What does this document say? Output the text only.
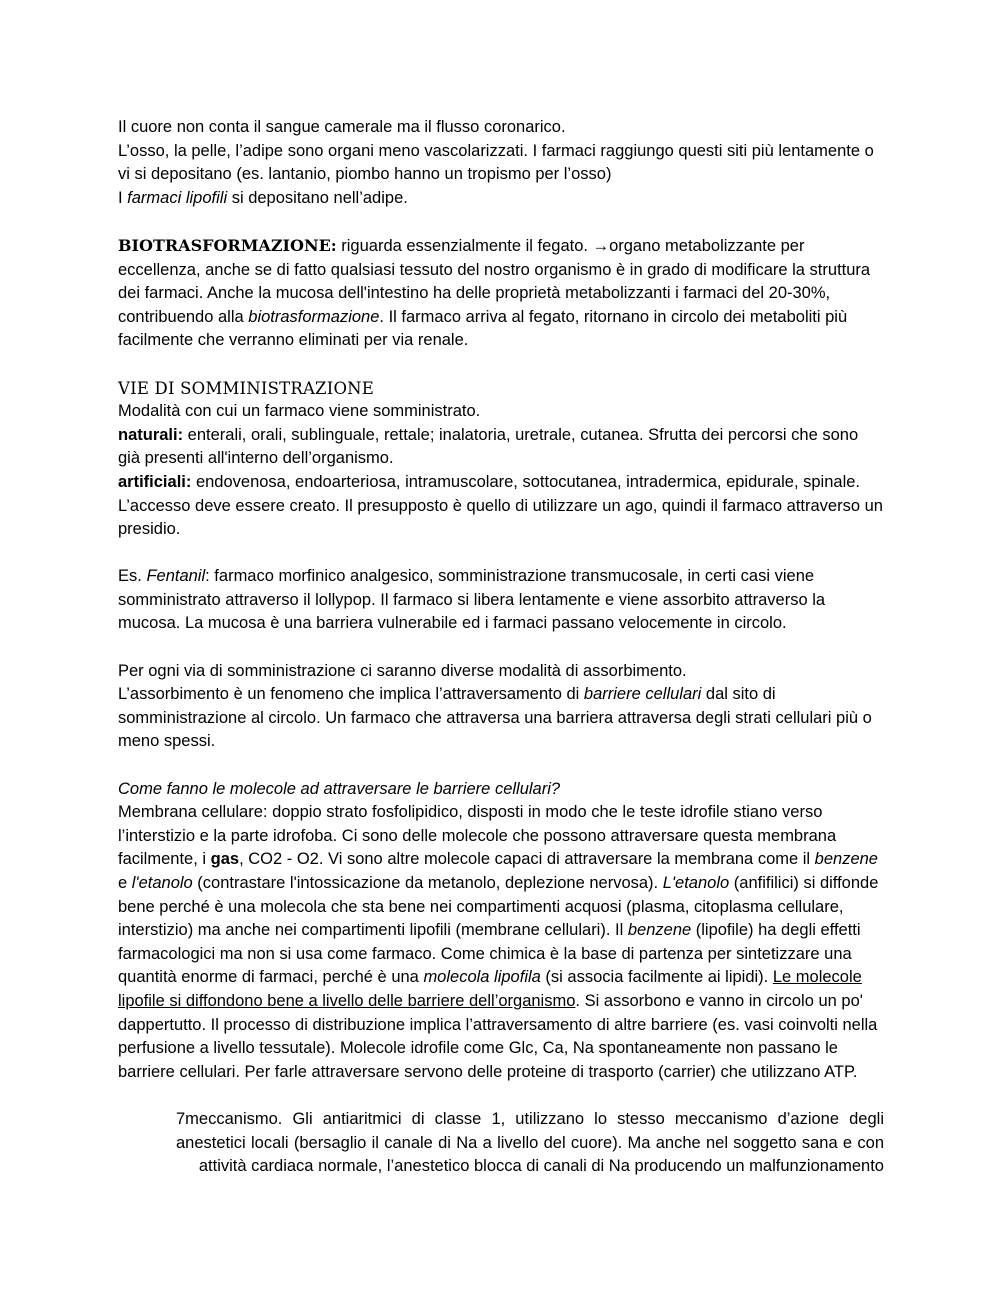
Il cuore non conta il sangue camerale ma il flusso coronarico.

L’osso, la pelle, l’adipe sono organi meno vascolarizzati. I farmaci raggiungo questi siti più lentamente o vi si depositano (es. lantanio, piombo hanno un tropismo per l’osso)

I farmaci lipofili si depositano nell’adipe.

BIOTRASFORMAZIONE: riguarda essenzialmente il fegato. →organo metabolizzante per eccellenza, anche se di fatto qualsiasi tessuto del nostro organismo è in grado di modificare la struttura dei farmaci. Anche la mucosa dell'intestino ha delle proprietà metabolizzanti i farmaci del 20-30%, contribuendo alla biotrasformazione. Il farmaco arriva al fegato, ritornano in circolo dei metaboliti più facilmente che verranno eliminati per via renale.

VIE DI SOMMINISTRAZIONE

Modalità con cui un farmaco viene somministrato.

naturali: enterali, orali, sublinguale, rettale; inalatoria, uretrale, cutanea. Sfrutta dei percorsi che sono già presenti all'interno dell’organismo.

artificiali: endovenosa, endoarteriosa, intramuscolare, sottocutanea, intradermica, epidurale, spinale. L’accesso deve essere creato. Il presupposto è quello di utilizzare un ago, quindi il farmaco attraverso un presidio.

Es. Fentanil: farmaco morfinico analgesico, somministrazione transmucosale, in certi casi viene somministrato attraverso il lollypop. Il farmaco si libera lentamente e viene assorbito attraverso la mucosa. La mucosa è una barriera vulnerabile ed i farmaci passano velocemente in circolo.

Per ogni via di somministrazione ci saranno diverse modalità di assorbimento.

L’assorbimento è un fenomeno che implica l’attraversamento di barriere cellulari dal sito di somministrazione al circolo. Un farmaco che attraversa una barriera attraversa degli strati cellulari più o meno spessi.

Come fanno le molecole ad attraversare le barriere cellulari?

Membrana cellulare: doppio strato fosfolipidico, disposti in modo che le teste idrofile stiano verso l’interstizio e la parte idrofoba. Ci sono delle molecole che possono attraversare questa membrana facilmente, i gas, CO2 - O2. Vi sono altre molecole capaci di attraversare la membrana come il benzene e l'etanolo (contrastare l'intossicazione da metanolo, deplezione nervosa). L'etanolo (anfifilici) si diffonde bene perché è una molecola che sta bene nei compartimenti acquosi (plasma, citoplasma cellulare, interstizio) ma anche nei compartimenti lipofili (membrane cellulari). Il benzene (lipofile) ha degli effetti farmacologici ma non si usa come farmaco. Come chimica è la base di partenza per sintetizzare una quantità enorme di farmaci, perché è una molecola lipofila (si associa facilmente ai lipidi). Le molecole lipofile si diffondono bene a livello delle barriere dell’organismo. Si assorbono e vanno in circolo un po' dappertutto. Il processo di distribuzione implica l’attraversamento di altre barriere (es. vasi coinvolti nella perfusione a livello tessutale). Molecole idrofile come Glc, Ca, Na spontaneamente non passano le barriere cellulari. Per farle attraversare servono delle proteine di trasporto (carrier) che utilizzano ATP.

7meccanismo. Gli antiaritmici di classe 1, utilizzano lo stesso meccanismo d’azione degli anestetici locali (bersaglio il canale di Na a livello del cuore). Ma anche nel soggetto sana e con attività cardiaca normale, l’anestetico blocca di canali di Na producendo un malfunzionamento
